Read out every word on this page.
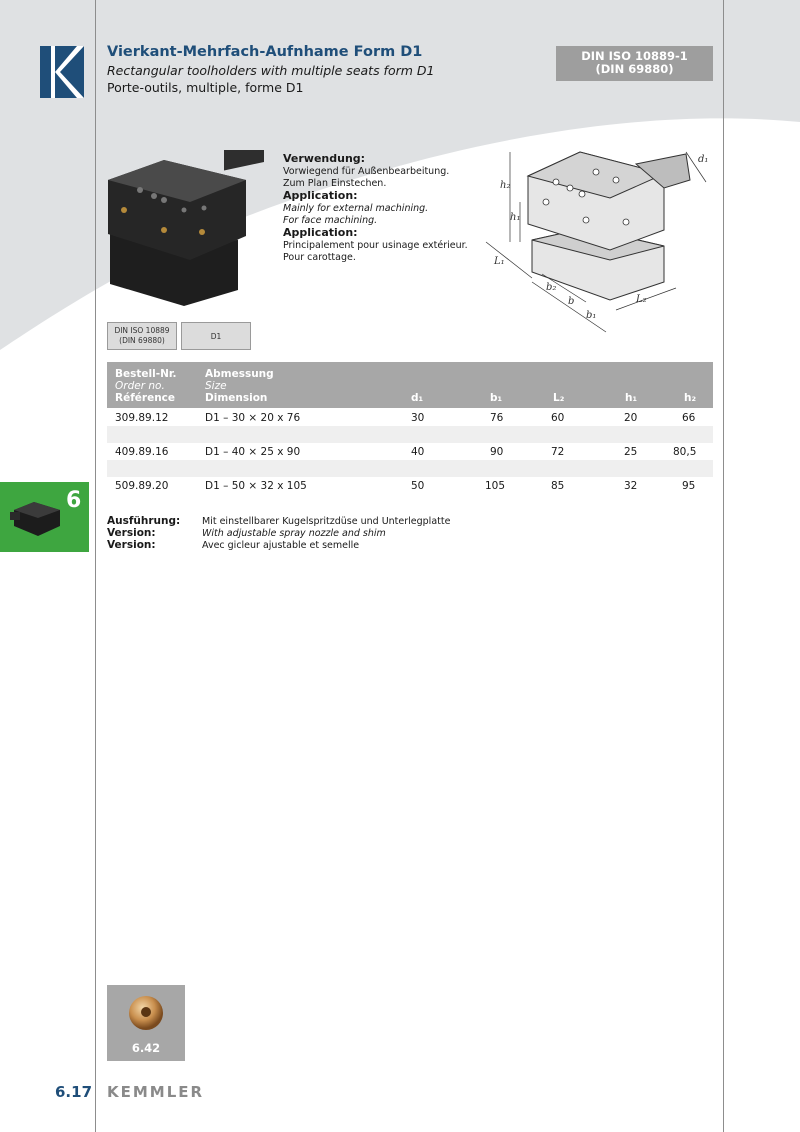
Vierkant-Mehrfach-Aufnhame Form D1
Rectangular toolholders with multiple seats form D1
Porte-outils, multiple, forme D1
DIN ISO 10889-1
(DIN 69880)
Verwendung:
Vorwiegend für Außenbearbeitung.
Zum Plan Einstechen.
Application:
Mainly for external machining.
For face machining.
Application:
Principalement pour usinage extérieur.
Pour carottage.
h₂
h₁
L₁
b₂
b
b₁
L₂
d₁
DIN ISO 10889
(DIN 69880)	D1
Bestell-Nr.
Order no.
Référence
Abmessung
Size
Dimension	d₁	b₁	L₂	h₁	h₂
309.89.12	D1 – 30 × 20 x 76	30	76	60	20	66
409.89.16	D1 – 40 × 25 x 90	40	90	72	25	80,5
509.89.20	D1 – 50 × 32 x 105	50	105	85	32	95
6
Ausführung:	Mit einstellbarer Kugelspritzdüse und Unterlegplatte
Version:	With adjustable spray nozzle and shim
Version:	Avec gicleur ajustable et semelle
6.42
6.17 KEMMLER
